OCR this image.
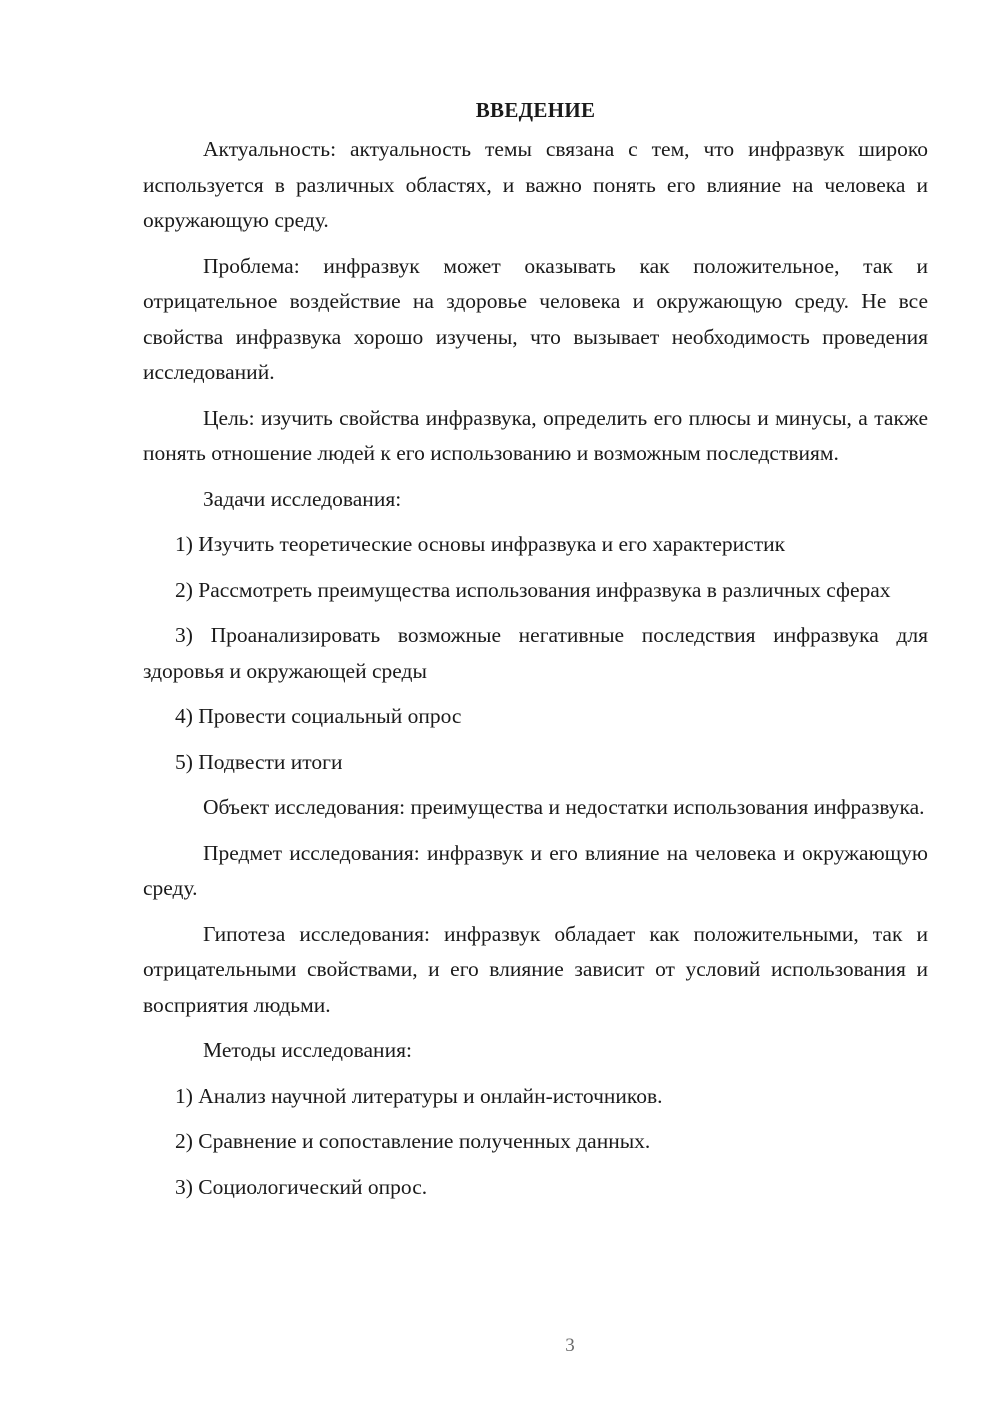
ВВЕДЕНИЕ

Актуальность: актуальность темы связана с тем, что инфразвук широко используется в различных областях, и важно понять его влияние на человека и окружающую среду.

Проблема: инфразвук может оказывать как положительное, так и отрицательное воздействие на здоровье человека и окружающую среду. Не все свойства инфразвука хорошо изучены, что вызывает необходимость проведения исследований.

Цель: изучить свойства инфразвука, определить его плюсы и минусы, а также понять отношение людей к его использованию и возможным последствиям.

Задачи исследования:

1) Изучить теоретические основы инфразвука и его характеристик

2) Рассмотреть преимущества использования инфразвука в различных сферах

3) Проанализировать возможные негативные последствия инфразвука для здоровья и окружающей среды

4) Провести социальный опрос

5) Подвести итоги

Объект исследования: преимущества и недостатки использования инфразвука.

Предмет исследования: инфразвук и его влияние на человека и окружающую среду.

Гипотеза исследования: инфразвук обладает как положительными, так и отрицательными свойствами, и его влияние зависит от условий использования и восприятия людьми.

Методы исследования:

1) Анализ научной литературы и онлайн-источников.

2) Сравнение и сопоставление полученных данных.

3) Социологический опрос.

3
